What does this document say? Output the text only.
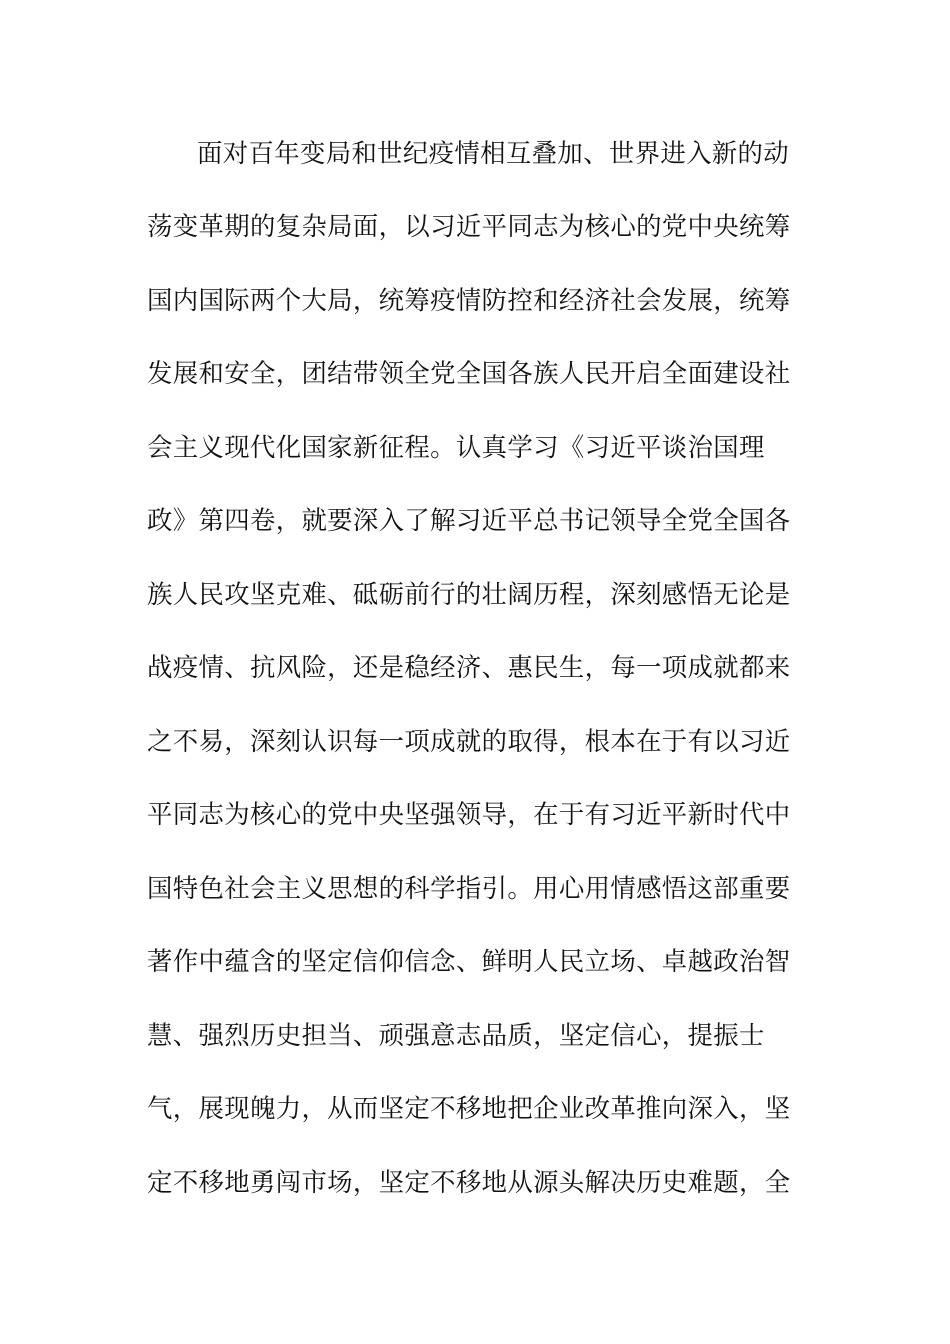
面对百年变局和世纪疫情相互叠加、世界进入新的动
荡变革期的复杂局面，以习近平同志为核心的党中央统筹
国内国际两个大局，统筹疫情防控和经济社会发展，统筹
发展和安全，团结带领全党全国各族人民开启全面建设社
会主义现代化国家新征程。认真学习《习近平谈治国理
政》第四卷，就要深入了解习近平总书记领导全党全国各
族人民攻坚克难、砥砺前行的壮阔历程，深刻感悟无论是
战疫情、抗风险，还是稳经济、惠民生，每一项成就都来
之不易，深刻认识每一项成就的取得，根本在于有以习近
平同志为核心的党中央坚强领导，在于有习近平新时代中
国特色社会主义思想的科学指引。用心用情感悟这部重要
著作中蕴含的坚定信仰信念、鲜明人民立场、卓越政治智
慧、强烈历史担当、顽强意志品质，坚定信心，提振士
气，展现魄力，从而坚定不移地把企业改革推向深入，坚
定不移地勇闯市场，坚定不移地从源头解决历史难题，全
